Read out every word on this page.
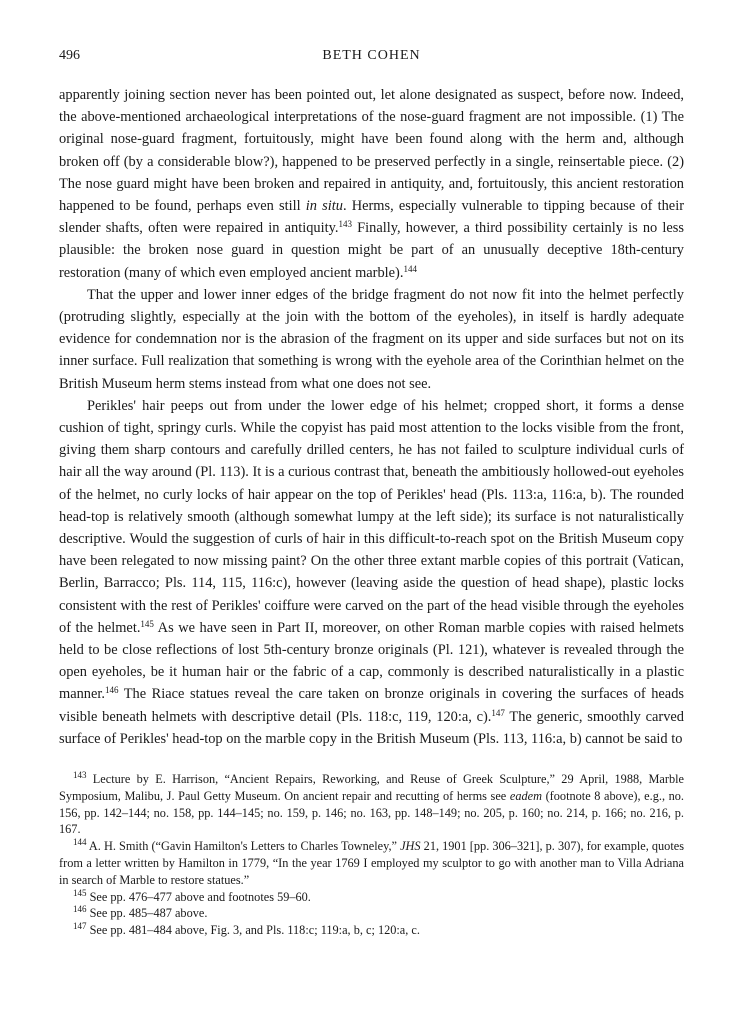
496	BETH COHEN

apparently joining section never has been pointed out, let alone designated as suspect, before now. Indeed, the above-mentioned archaeological interpretations of the nose-guard fragment are not impossible. (1) The original nose-guard fragment, fortuitously, might have been found along with the herm and, although broken off (by a considerable blow?), happened to be preserved perfectly in a single, reinsertable piece. (2) The nose guard might have been broken and repaired in antiquity, and, fortuitously, this ancient restoration happened to be found, perhaps even still in situ. Herms, especially vulnerable to tipping because of their slender shafts, often were repaired in antiquity.$^{143}$ Finally, however, a third possibility certainly is no less plausible: the broken nose guard in question might be part of an unusually deceptive 18th-century restoration (many of which even employed ancient marble).$^{144}$

That the upper and lower inner edges of the bridge fragment do not now fit into the helmet perfectly (protruding slightly, especially at the join with the bottom of the eyeholes), in itself is hardly adequate evidence for condemnation nor is the abrasion of the fragment on its upper and side surfaces but not on its inner surface. Full realization that something is wrong with the eyehole area of the Corinthian helmet on the British Museum herm stems instead from what one does not see.

Perikles' hair peeps out from under the lower edge of his helmet; cropped short, it forms a dense cushion of tight, springy curls. While the copyist has paid most attention to the locks visible from the front, giving them sharp contours and carefully drilled centers, he has not failed to sculpture individual curls of hair all the way around (Pl. 113). It is a curious contrast that, beneath the ambitiously hollowed-out eyeholes of the helmet, no curly locks of hair appear on the top of Perikles' head (Pls. 113:a, 116:a, b). The rounded head-top is relatively smooth (although somewhat lumpy at the left side); its surface is not naturalistically descriptive. Would the suggestion of curls of hair in this difficult-to-reach spot on the British Museum copy have been relegated to now missing paint? On the other three extant marble copies of this portrait (Vatican, Berlin, Barracco; Pls. 114, 115, 116:c), however (leaving aside the question of head shape), plastic locks consistent with the rest of Perikles' coiffure were carved on the part of the head visible through the eyeholes of the helmet.$^{145}$ As we have seen in Part II, moreover, on other Roman marble copies with raised helmets held to be close reflections of lost 5th-century bronze originals (Pl. 121), whatever is revealed through the open eyeholes, be it human hair or the fabric of a cap, commonly is described naturalistically in a plastic manner.$^{146}$ The Riace statues reveal the care taken on bronze originals in covering the surfaces of heads visible beneath helmets with descriptive detail (Pls. 118:c, 119, 120:a, c).$^{147}$ The generic, smoothly carved surface of Perikles' head-top on the marble copy in the British Museum (Pls. 113, 116:a, b) cannot be said to

$^{143}$ Lecture by E. Harrison, “Ancient Repairs, Reworking, and Reuse of Greek Sculpture,” 29 April, 1988, Marble Symposium, Malibu, J. Paul Getty Museum. On ancient repair and recutting of herms see eadem (footnote 8 above), e.g., no. 156, pp. 142–144; no. 158, pp. 144–145; no. 159, p. 146; no. 163, pp. 148–149; no. 205, p. 160; no. 214, p. 166; no. 216, p. 167.

$^{144}$ A. H. Smith (“Gavin Hamilton's Letters to Charles Towneley,” JHS 21, 1901 [pp. 306–321], p. 307), for example, quotes from a letter written by Hamilton in 1779, “In the year 1769 I employed my sculptor to go with another man to Villa Adriana in search of Marble to restore statues.”

$^{145}$ See pp. 476–477 above and footnotes 59–60.

$^{146}$ See pp. 485–487 above.

$^{147}$ See pp. 481–484 above, Fig. 3, and Pls. 118:c; 119:a, b, c; 120:a, c.
